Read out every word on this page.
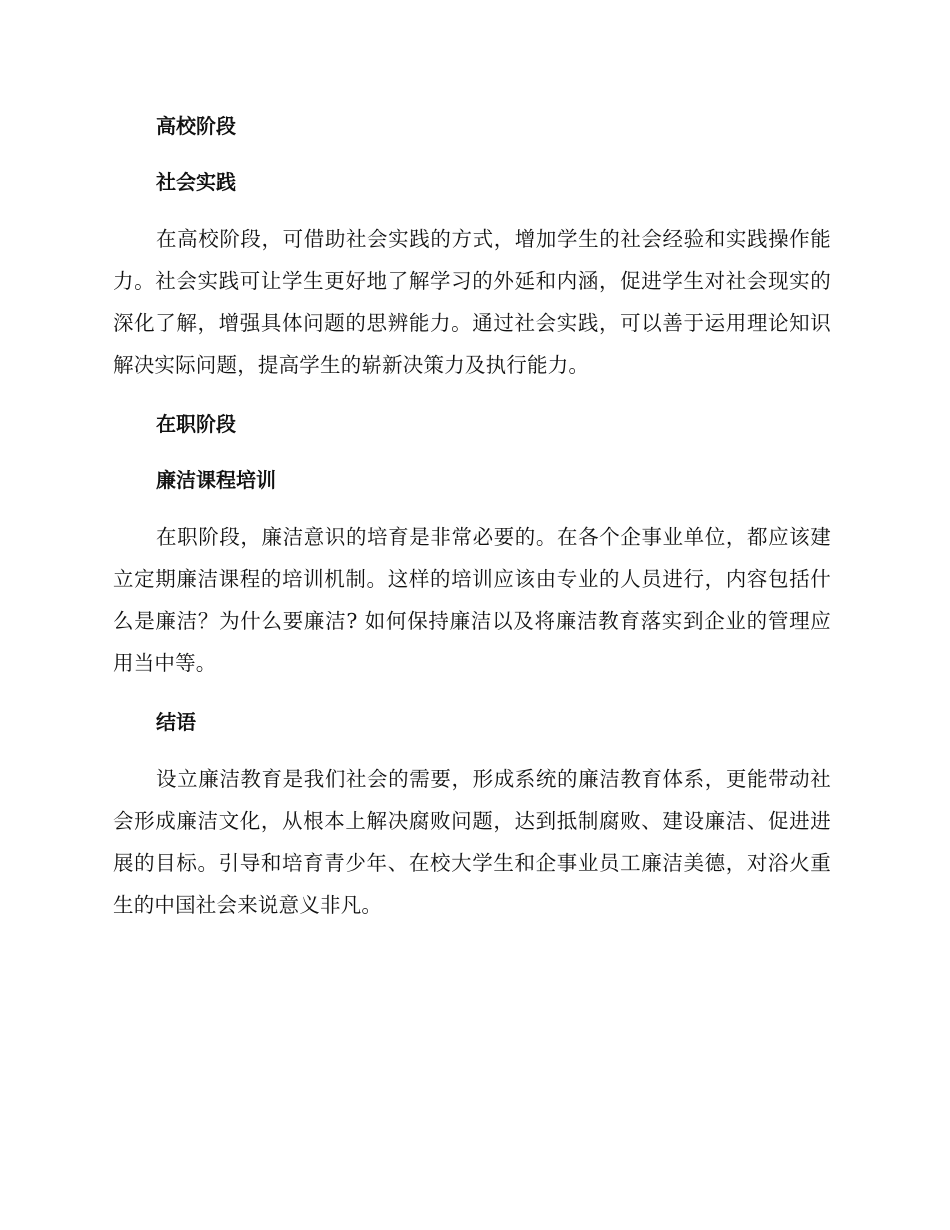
高校阶段
社会实践

在高校阶段，可借助社会实践的方式，增加学生的社会经验和实践操作能力。社会实践可让学生更好地了解学习的外延和内涵，促进学生对社会现实的深化了解，增强具体问题的思辨能力。通过社会实践，可以善于运用理论知识解决实际问题，提高学生的崭新决策力及执行能力。

在职阶段
廉洁课程培训

在职阶段，廉洁意识的培育是非常必要的。在各个企事业单位，都应该建立定期廉洁课程的培训机制。这样的培训应该由专业的人员进行，内容包括什么是廉洁？为什么要廉洁? 如何保持廉洁以及将廉洁教育落实到企业的管理应用当中等。

结语

设立廉洁教育是我们社会的需要，形成系统的廉洁教育体系，更能带动社会形成廉洁文化，从根本上解决腐败问题，达到抵制腐败、建设廉洁、促进进展的目标。引导和培育青少年、在校大学生和企事业员工廉洁美德，对浴火重生的中国社会来说意义非凡。
